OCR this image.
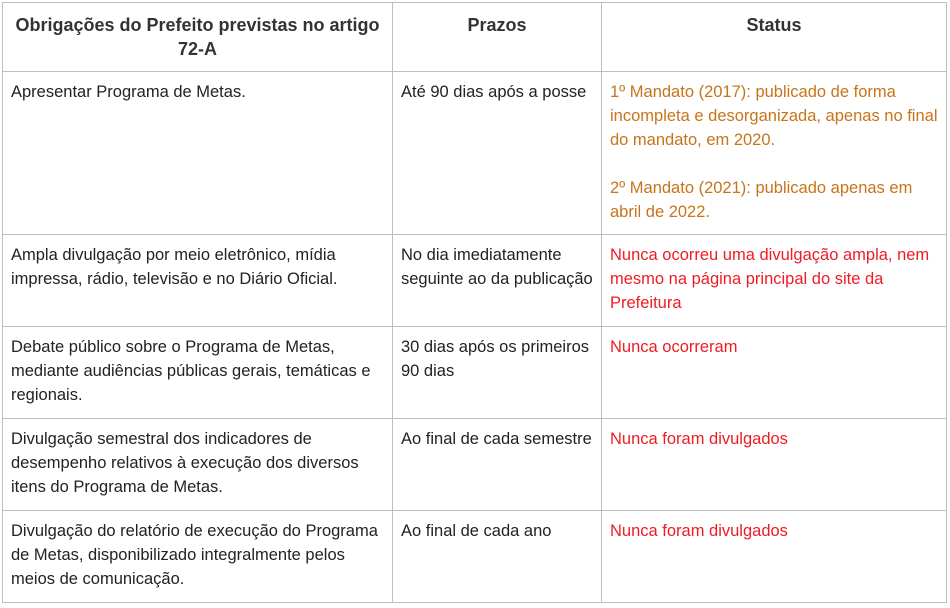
Obrigações do Prefeito previstas no artigo 72-A	Prazos	Status
Apresentar Programa de Metas.	Até 90 dias após a posse	1º Mandato (2017): publicado de forma incompleta e desorganizada, apenas no final do mandato, em 2020.

2º Mandato (2021): publicado apenas em abril de 2022.

Ampla divulgação por meio eletrônico, mídia impressa, rádio, televisão e no Diário Oficial.	No dia imediatamente seguinte ao da publicação	Nunca ocorreu uma divulgação ampla, nem mesmo na página principal do site da Prefeitura

Debate público sobre o Programa de Metas, mediante audiências públicas gerais, temáticas e regionais.	30 dias após os primeiros 90 dias	Nunca ocorreram

Divulgação semestral dos indicadores de desempenho relativos à execução dos diversos itens do Programa de Metas.	Ao final de cada semestre	Nunca foram divulgados

Divulgação do relatório de execução do Programa de Metas, disponibilizado integralmente pelos meios de comunicação.	Ao final de cada ano	Nunca foram divulgados
